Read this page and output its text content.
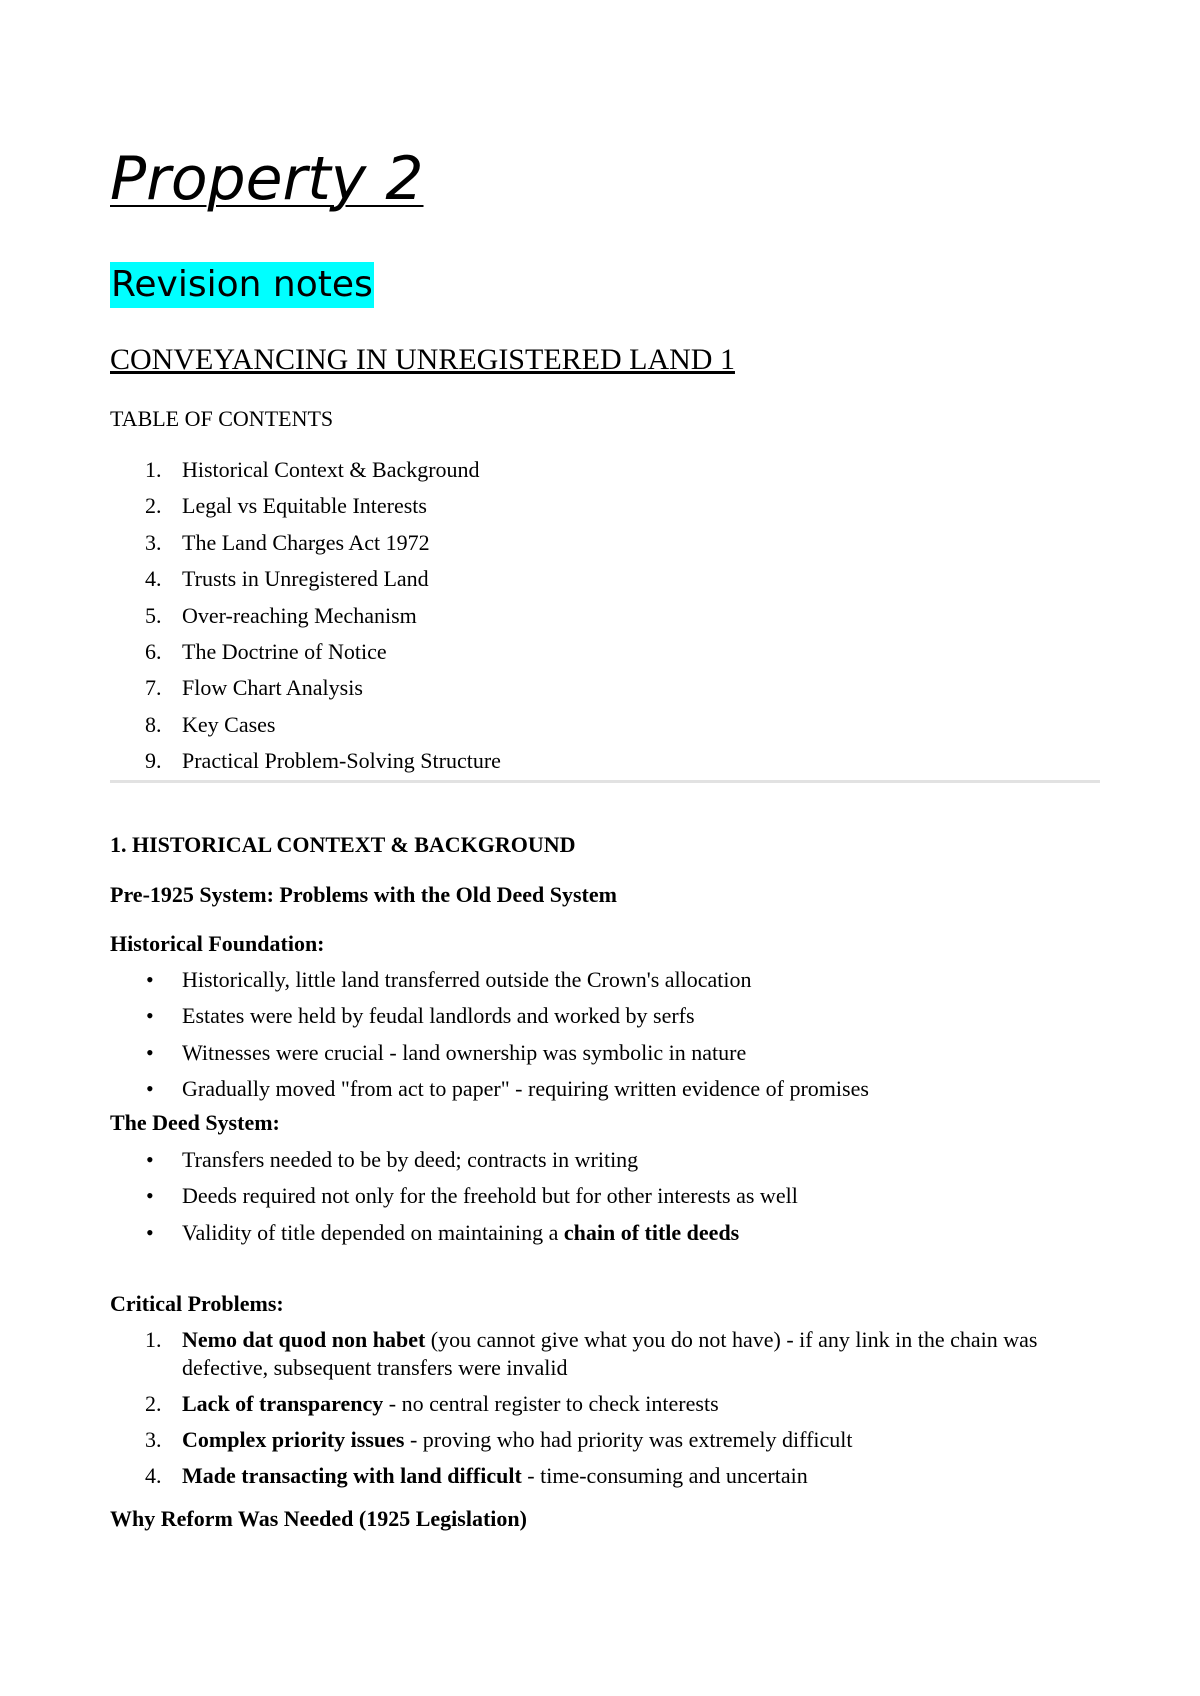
Property 2
Revision notes
CONVEYANCING IN UNREGISTERED LAND 1
TABLE OF CONTENTS
1. Historical Context & Background
2. Legal vs Equitable Interests
3. The Land Charges Act 1972
4. Trusts in Unregistered Land
5. Over-reaching Mechanism
6. The Doctrine of Notice
7. Flow Chart Analysis
8. Key Cases
9. Practical Problem-Solving Structure
1. HISTORICAL CONTEXT & BACKGROUND
Pre-1925 System: Problems with the Old Deed System
Historical Foundation:
• Historically, little land transferred outside the Crown's allocation
• Estates were held by feudal landlords and worked by serfs
• Witnesses were crucial - land ownership was symbolic in nature
• Gradually moved "from act to paper" - requiring written evidence of promises
The Deed System:
• Transfers needed to be by deed; contracts in writing
• Deeds required not only for the freehold but for other interests as well
• Validity of title depended on maintaining a chain of title deeds
Critical Problems:
1. Nemo dat quod non habet (you cannot give what you do not have) - if any link in the chain was defective, subsequent transfers were invalid
2. Lack of transparency - no central register to check interests
3. Complex priority issues - proving who had priority was extremely difficult
4. Made transacting with land difficult - time-consuming and uncertain
Why Reform Was Needed (1925 Legislation)
